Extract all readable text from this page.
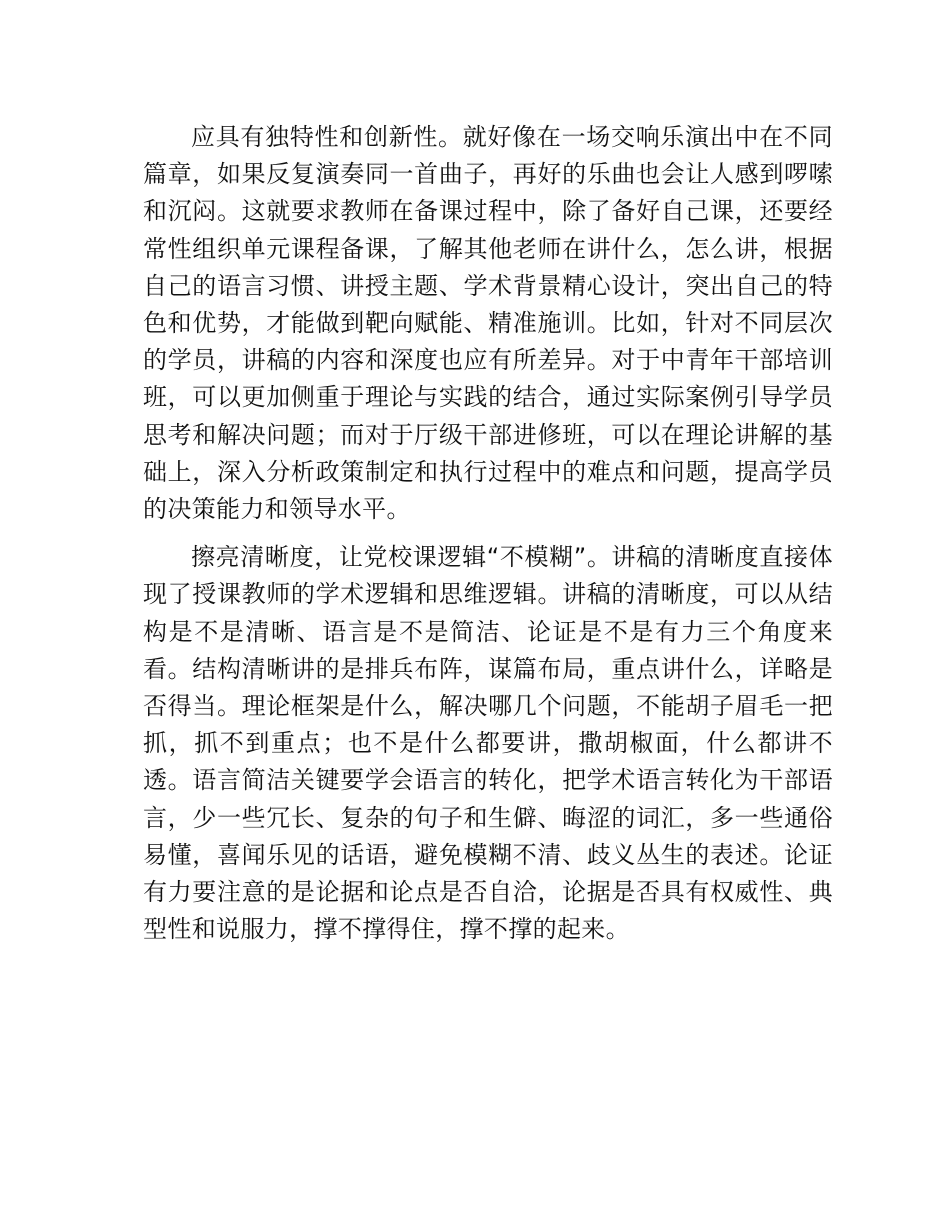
应具有独特性和创新性。就好像在一场交响乐演出中在不同篇章，如果反复演奏同一首曲子，再好的乐曲也会让人感到啰嗦和沉闷。这就要求教师在备课过程中，除了备好自己课，还要经常性组织单元课程备课，了解其他老师在讲什么，怎么讲，根据自己的语言习惯、讲授主题、学术背景精心设计，突出自己的特色和优势，才能做到靶向赋能、精准施训。比如，针对不同层次的学员，讲稿的内容和深度也应有所差异。对于中青年干部培训班，可以更加侧重于理论与实践的结合，通过实际案例引导学员思考和解决问题；而对于厅级干部进修班，可以在理论讲解的基础上，深入分析政策制定和执行过程中的难点和问题，提高学员的决策能力和领导水平。

擦亮清晰度，让党校课逻辑“不模糊”。讲稿的清晰度直接体现了授课教师的学术逻辑和思维逻辑。讲稿的清晰度，可以从结构是不是清晰、语言是不是简洁、论证是不是有力三个角度来看。结构清晰讲的是排兵布阵，谋篇布局，重点讲什么，详略是否得当。理论框架是什么，解决哪几个问题，不能胡子眉毛一把抓，抓不到重点；也不是什么都要讲，撒胡椒面，什么都讲不透。语言简洁关键要学会语言的转化，把学术语言转化为干部语言，少一些冗长、复杂的句子和生僻、晦涩的词汇，多一些通俗易懂，喜闻乐见的话语，避免模糊不清、歧义丛生的表述。论证有力要注意的是论据和论点是否自洽，论据是否具有权威性、典型性和说服力，撑不撑得住，撑不撑的起来。
